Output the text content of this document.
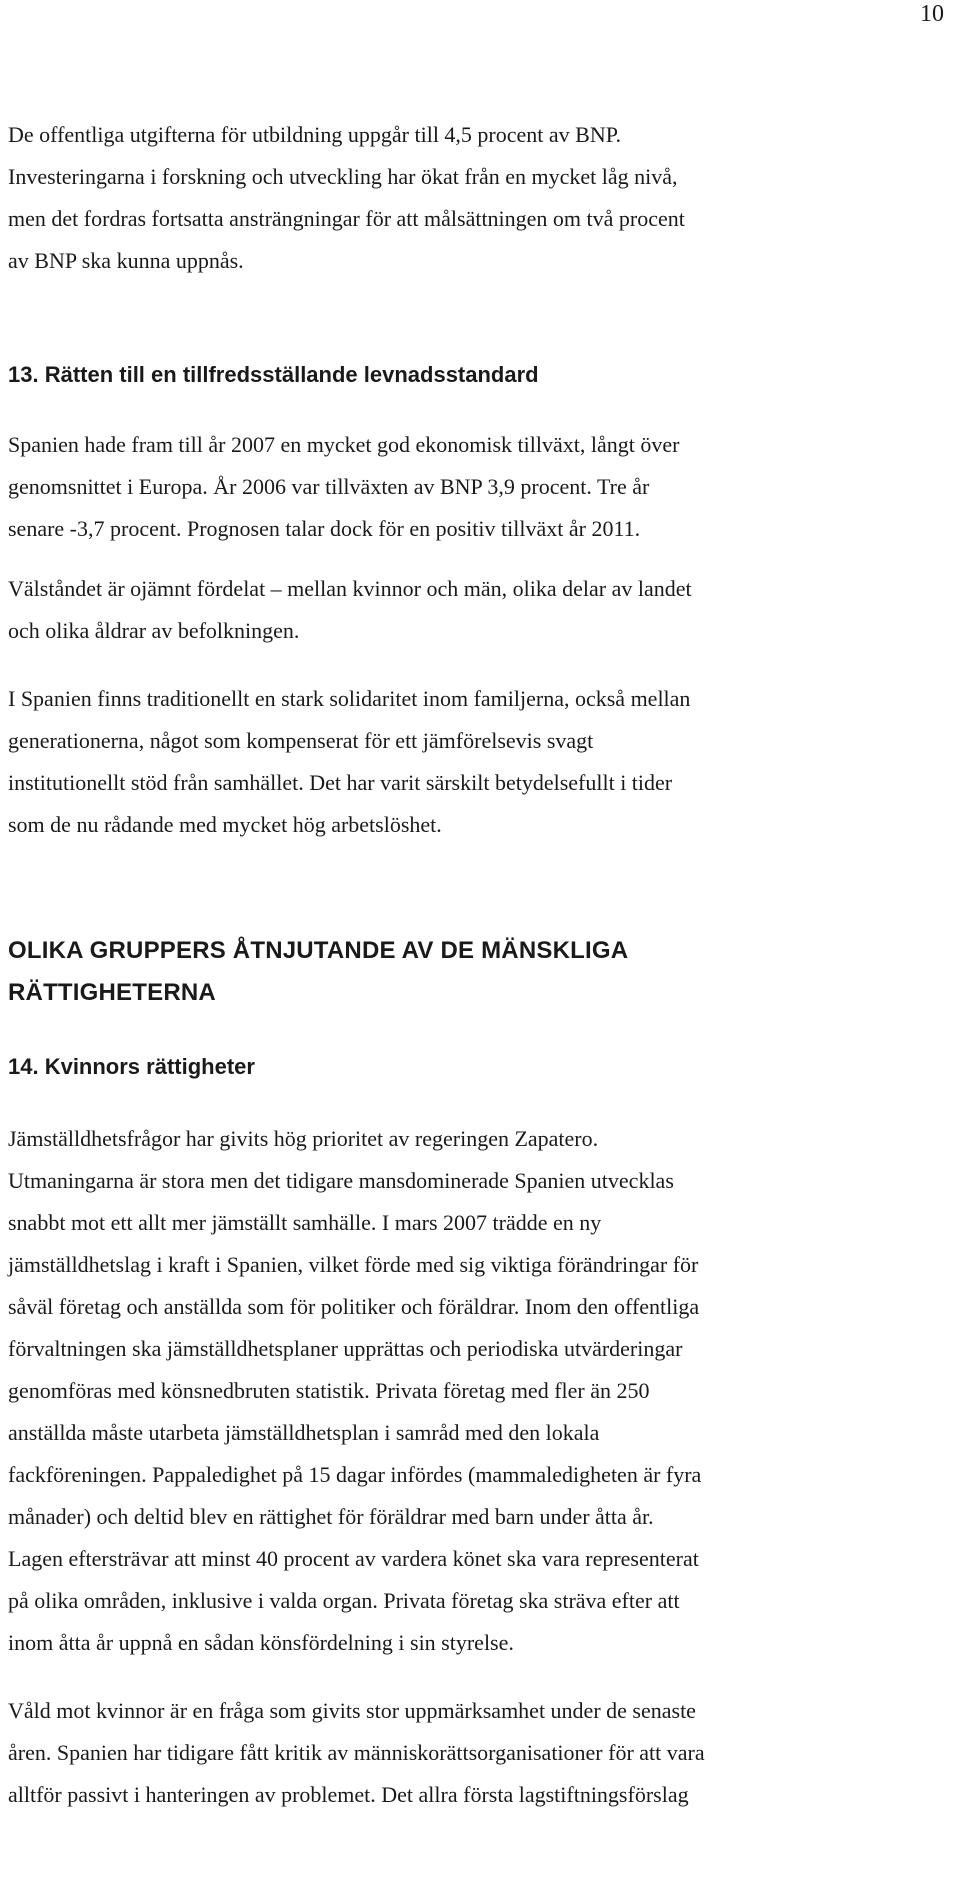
10

De offentliga utgifterna för utbildning uppgår till 4,5 procent av BNP.
Investeringarna i forskning och utveckling har ökat från en mycket låg nivå,
men det fordras fortsatta ansträngningar för att målsättningen om två procent
av BNP ska kunna uppnås.

13. Rätten till en tillfredsställande levnadsstandard

Spanien hade fram till år 2007 en mycket god ekonomisk tillväxt, långt över
genomsnittet i Europa. År 2006 var tillväxten av BNP 3,9 procent. Tre år
senare -3,7 procent. Prognosen talar dock för en positiv tillväxt år 2011.

Välståndet är ojämnt fördelat – mellan kvinnor och män, olika delar av landet
och olika åldrar av befolkningen.

I Spanien finns traditionellt en stark solidaritet inom familjerna, också mellan
generationerna, något som kompenserat för ett jämförelsevis svagt
institutionellt stöd från samhället. Det har varit särskilt betydelsefullt i tider
som de nu rådande med mycket hög arbetslöshet.

OLIKA GRUPPERS ÅTNJUTANDE AV DE MÄNSKLIGA
RÄTTIGHETERNA
14. Kvinnors rättigheter

Jämställdhetsfrågor har givits hög prioritet av regeringen Zapatero.
Utmaningarna är stora men det tidigare mansdominerade Spanien utvecklas
snabbt mot ett allt mer jämställt samhälle. I mars 2007 trädde en ny
jämställdhetslag i kraft i Spanien, vilket förde med sig viktiga förändringar för
såväl företag och anställda som för politiker och föräldrar. Inom den offentliga
förvaltningen ska jämställdhetsplaner upprättas och periodiska utvärderingar
genomföras med könsnedbruten statistik. Privata företag med fler än 250
anställda måste utarbeta jämställdhetsplan i samråd med den lokala
fackföreningen. Pappaledighet på 15 dagar infördes (mammaledigheten är fyra
månader) och deltid blev en rättighet för föräldrar med barn under åtta år.
Lagen eftersträvar att minst 40 procent av vardera könet ska vara representerat
på olika områden, inklusive i valda organ. Privata företag ska sträva efter att
inom åtta år uppnå en sådan könsfördelning i sin styrelse.

Våld mot kvinnor är en fråga som givits stor uppmärksamhet under de senaste
åren. Spanien har tidigare fått kritik av människorättsorganisationer för att vara
alltför passivt i hanteringen av problemet. Det allra första lagstiftningsförslag
